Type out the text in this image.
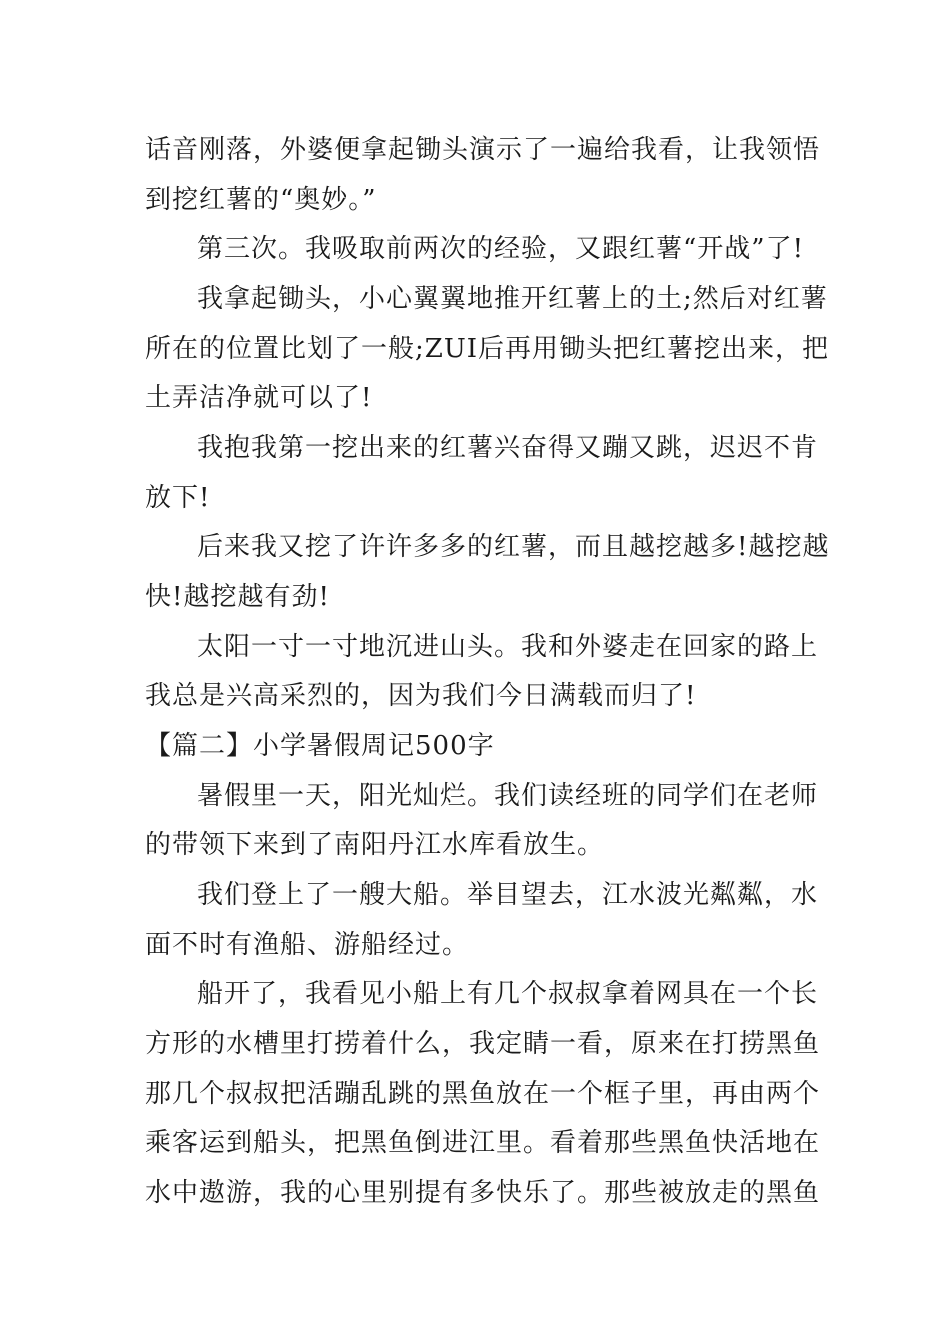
话音刚落，外婆便拿起锄头演示了一遍给我看，让我领悟
到挖红薯的“奥妙。”
第三次。我吸取前两次的经验，又跟红薯“开战”了!
我拿起锄头，小心翼翼地推开红薯上的土;然后对红薯
所在的位置比划了一般;ZUI后再用锄头把红薯挖出来，把
土弄洁净就可以了!
我抱我第一挖出来的红薯兴奋得又蹦又跳，迟迟不肯
放下!
后来我又挖了许许多多的红薯，而且越挖越多!越挖越
快!越挖越有劲!
太阳一寸一寸地沉进山头。我和外婆走在回家的路上
我总是兴高采烈的，因为我们今日满载而归了!
【篇二】小学暑假周记500字
暑假里一天，阳光灿烂。我们读经班的同学们在老师
的带领下来到了南阳丹江水库看放生。
我们登上了一艘大船。举目望去，江水波光粼粼，水
面不时有渔船、游船经过。
船开了，我看见小船上有几个叔叔拿着网具在一个长
方形的水槽里打捞着什么，我定睛一看，原来在打捞黑鱼
那几个叔叔把活蹦乱跳的黑鱼放在一个框子里，再由两个
乘客运到船头，把黑鱼倒进江里。看着那些黑鱼快活地在
水中遨游，我的心里别提有多快乐了。那些被放走的黑鱼
